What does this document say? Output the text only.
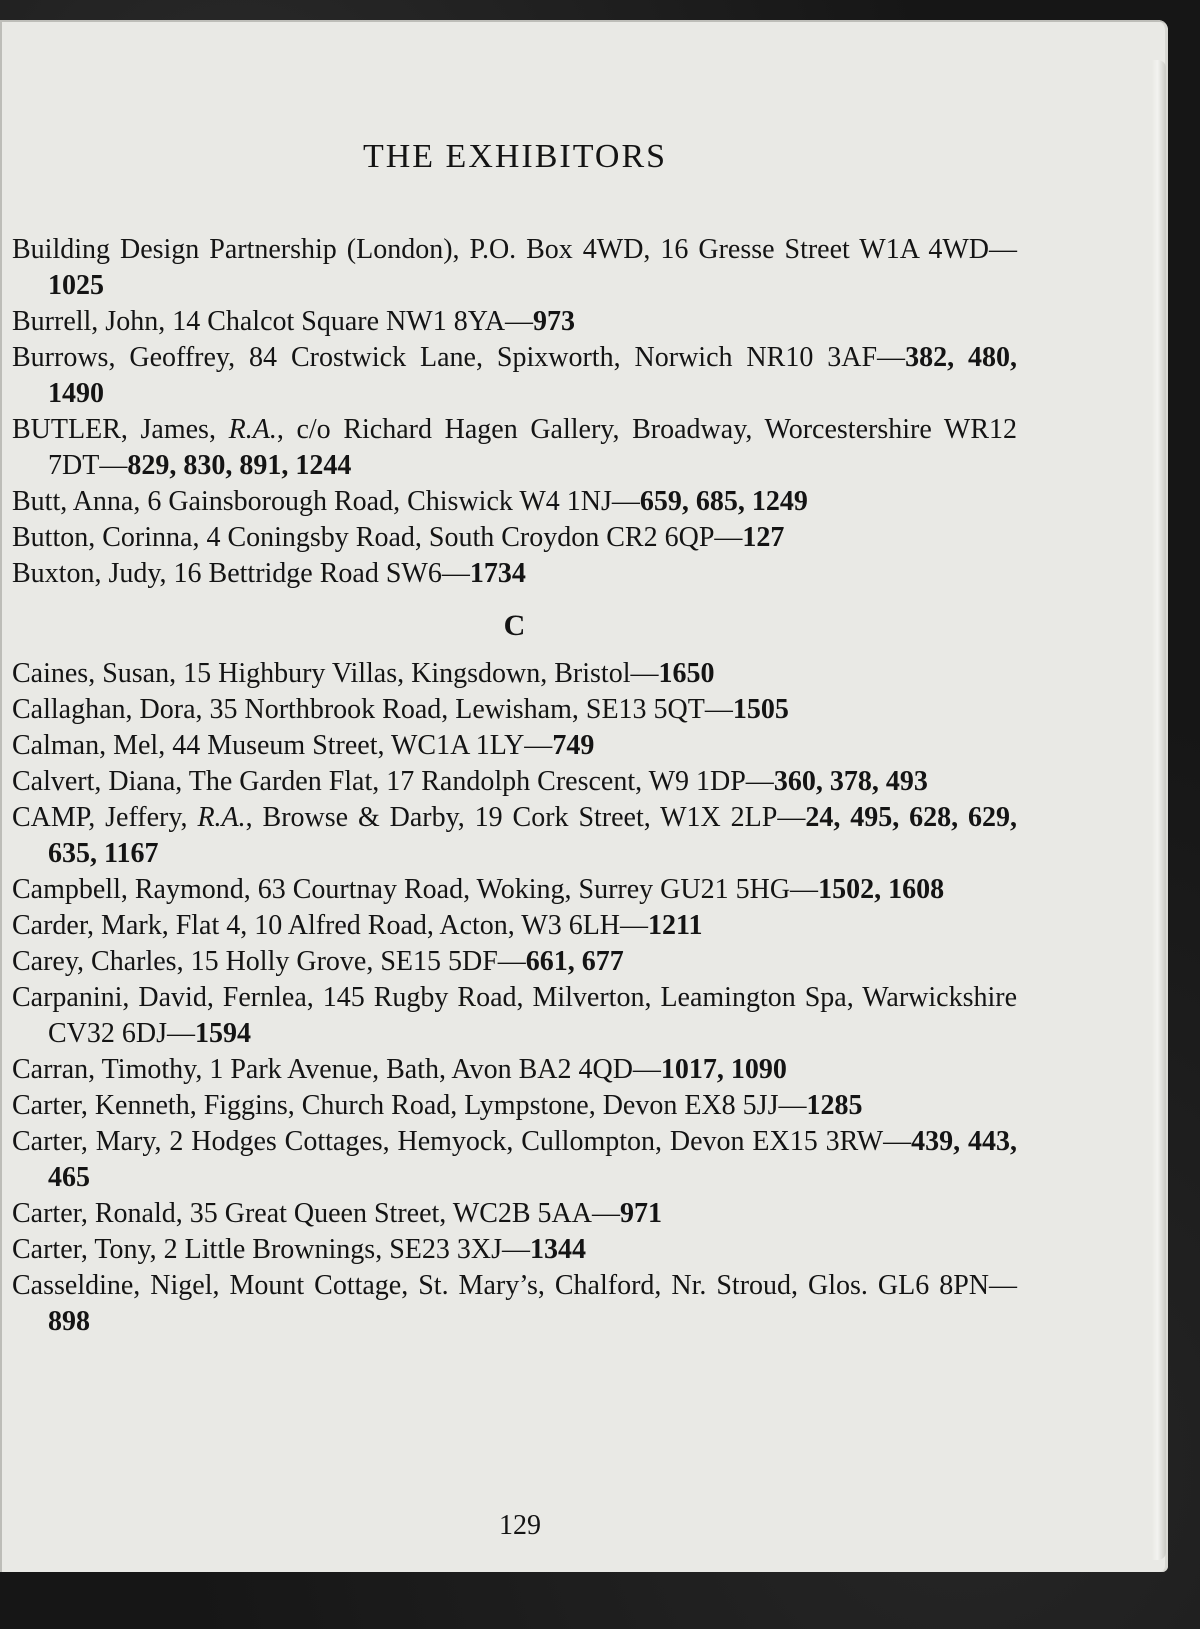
THE EXHIBITORS
Building Design Partnership (London), P.O. Box 4WD, 16 Gresse Street W1A 4WD—1025
Burrell, John, 14 Chalcot Square NW1 8YA—973
Burrows, Geoffrey, 84 Crostwick Lane, Spixworth, Norwich NR10 3AF—382, 480, 1490
BUTLER, James, R.A., c/o Richard Hagen Gallery, Broadway, Worcestershire WR12 7DT—829, 830, 891, 1244
Butt, Anna, 6 Gainsborough Road, Chiswick W4 1NJ—659, 685, 1249
Button, Corinna, 4 Coningsby Road, South Croydon CR2 6QP—127
Buxton, Judy, 16 Bettridge Road SW6—1734
C
Caines, Susan, 15 Highbury Villas, Kingsdown, Bristol—1650
Callaghan, Dora, 35 Northbrook Road, Lewisham, SE13 5QT—1505
Calman, Mel, 44 Museum Street, WC1A 1LY—749
Calvert, Diana, The Garden Flat, 17 Randolph Crescent, W9 1DP—360, 378, 493
CAMP, Jeffery, R.A., Browse & Darby, 19 Cork Street, W1X 2LP—24, 495, 628, 629, 635, 1167
Campbell, Raymond, 63 Courtnay Road, Woking, Surrey GU21 5HG—1502, 1608
Carder, Mark, Flat 4, 10 Alfred Road, Acton, W3 6LH—1211
Carey, Charles, 15 Holly Grove, SE15 5DF—661, 677
Carpanini, David, Fernlea, 145 Rugby Road, Milverton, Leamington Spa, Warwickshire CV32 6DJ—1594
Carran, Timothy, 1 Park Avenue, Bath, Avon BA2 4QD—1017, 1090
Carter, Kenneth, Figgins, Church Road, Lympstone, Devon EX8 5JJ—1285
Carter, Mary, 2 Hodges Cottages, Hemyock, Cullompton, Devon EX15 3RW—439, 443, 465
Carter, Ronald, 35 Great Queen Street, WC2B 5AA—971
Carter, Tony, 2 Little Brownings, SE23 3XJ—1344
Casseldine, Nigel, Mount Cottage, St. Mary’s, Chalford, Nr. Stroud, Glos. GL6 8PN—898
129
